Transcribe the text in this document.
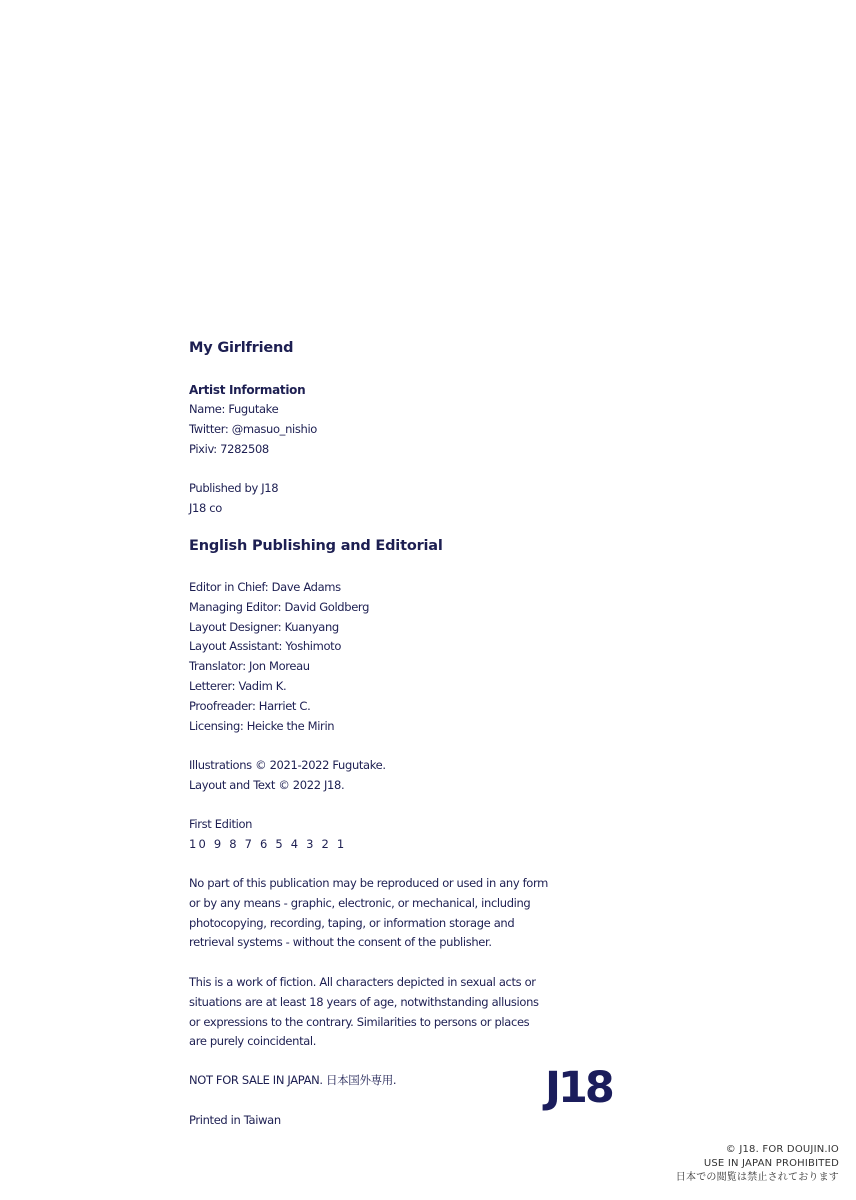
My Girlfriend
Artist Information
Name: Fugutake
Twitter: @masuo_nishio
Pixiv: 7282508
Published by J18
J18 co
English Publishing and Editorial
Editor in Chief: Dave Adams
Managing Editor: David Goldberg
Layout Designer: Kuanyang
Layout Assistant: Yoshimoto
Translator: Jon Moreau
Letterer: Vadim K.
Proofreader: Harriet C.
Licensing: Heicke the Mirin
Illustrations © 2021-2022 Fugutake.
Layout and Text © 2022 J18.
First Edition
10 9 8 7 6 5 4 3 2 1
No part of this publication may be reproduced or used in any form
or by any means - graphic, electronic, or mechanical, including
photocopying, recording, taping, or information storage and
retrieval systems - without the consent of the publisher.
This is a work of fiction. All characters depicted in sexual acts or
situations are at least 18 years of age, notwithstanding allusions
or expressions to the contrary. Similarities to persons or places
are purely coincidental.
NOT FOR SALE IN JAPAN. 日本国外専用.
Printed in Taiwan
J18
© J18. FOR DOUJIN.IO
USE IN JAPAN PROHIBITED
日本での閲覧は禁止されております
